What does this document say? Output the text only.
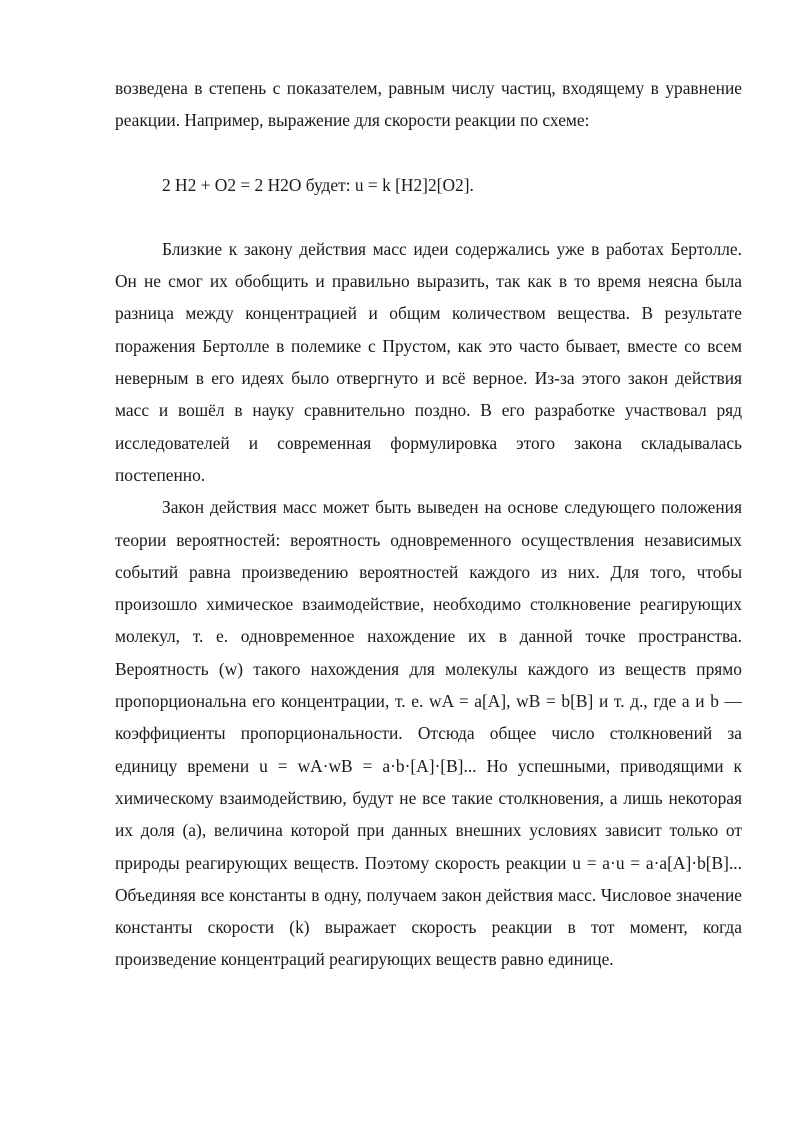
возведена в степень с показателем, равным числу частиц, входящему в уравнение реакции. Например, выражение для скорости реакции по схеме:

2 H2 + O2 = 2 H2O будет: u = k [H2]2[O2].

Близкие к закону действия масс идеи содержались уже в работах Бертолле. Он не смог их обобщить и правильно выразить, так как в то время неясна была разница между концентрацией и общим количеством вещества. В результате поражения Бертолле в полемике с Прустом, как это часто бывает, вместе со всем неверным в его идеях было отвергнуто и всё верное. Из-за этого закон действия масс и вошёл в науку сравнительно поздно. В его разработке участвовал ряд исследователей и современная формулировка этого закона складывалась постепенно.

Закон действия масс может быть выведен на основе следующего положения теории вероятностей: вероятность одновременного осуществления независимых событий равна произведению вероятностей каждого из них. Для того, чтобы произошло химическое взаимодействие, необходимо столкновение реагирующих молекул, т. е. одновременное нахождение их в данной точке пространства. Вероятность (w) такого нахождения для молекулы каждого из веществ прямо пропорциональна его концентрации, т. е. wA = a[A], wB = b[B] и т. д., где a и b — коэффициенты пропорциональности. Отсюда общее число столкновений за единицу времени u = wA·wB = a·b·[A]·[B]... Но успешными, приводящими к химическому взаимодействию, будут не все такие столкновения, а лишь некоторая их доля (a), величина которой при данных внешних условиях зависит только от природы реагирующих веществ. Поэтому скорость реакции u = a·u = a·a[A]·b[B]... Объединяя все константы в одну, получаем закон действия масс. Числовое значение константы скорости (k) выражает скорость реакции в тот момент, когда произведение концентраций реагирующих веществ равно единице.
